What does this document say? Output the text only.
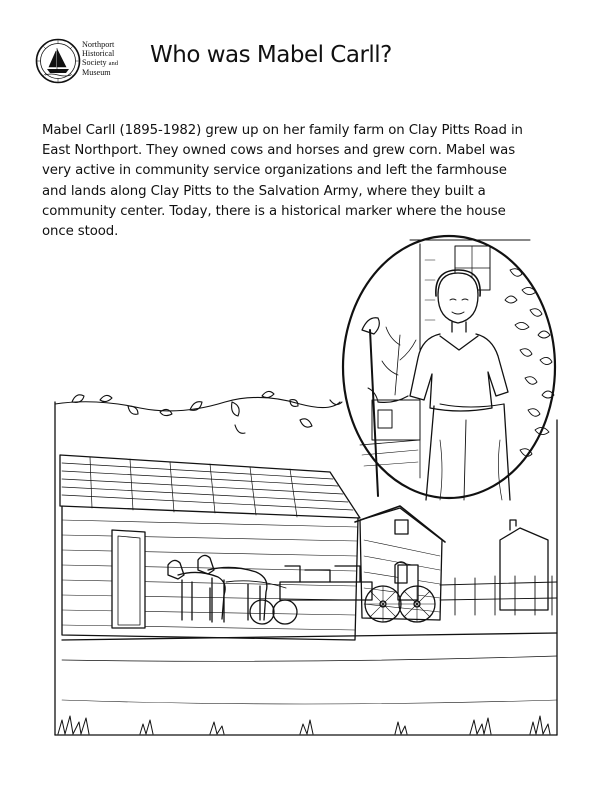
Northport
Historical
Society and
Museum
Who was Mabel Carll?
Mabel Carll (1895-1982) grew up on her family farm on Clay Pitts Road in
East Northport. They owned cows and horses and grew corn. Mabel was
very active in community service organizations and left the farmhouse
and lands along Clay Pitts to the Salvation Army, where they built a
community center. Today, there is a historical marker where the house
once stood.
